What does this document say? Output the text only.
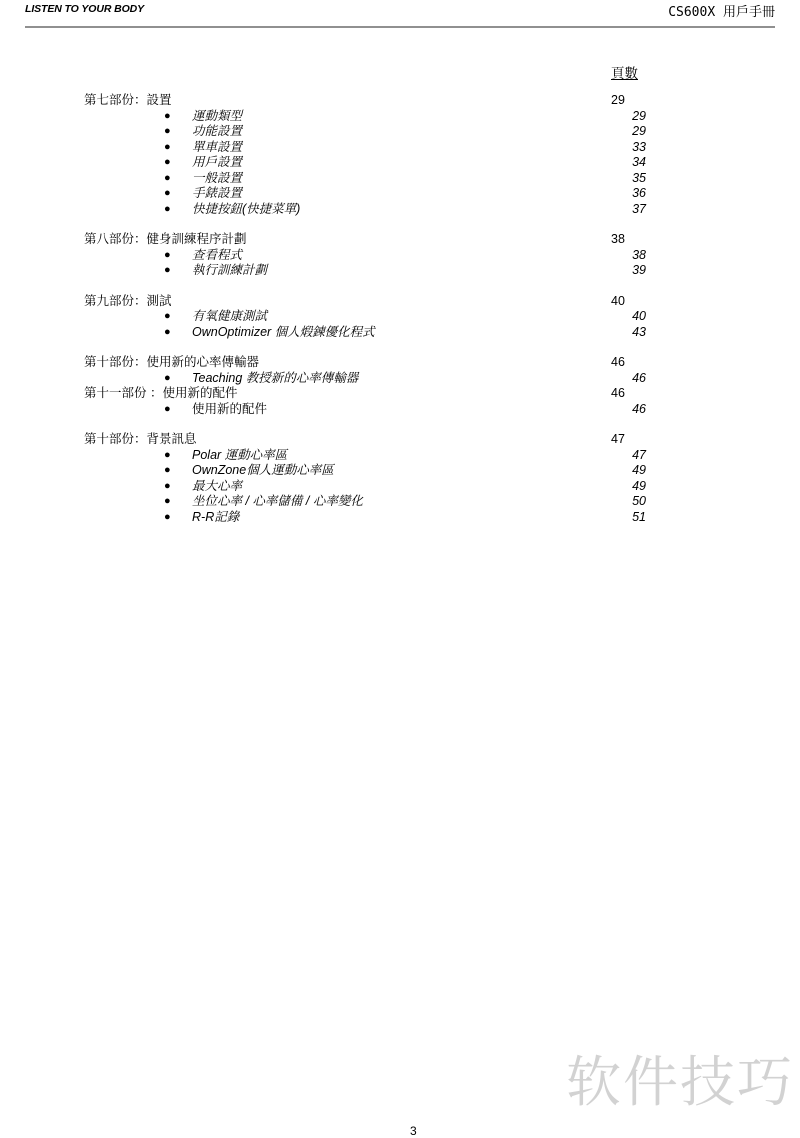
LISTEN TO YOUR BODY	CS600X 用戶手冊
頁數
第七部份：設置	29
● 運動類型	29
● 功能設置	29
● 單車設置	33
● 用戶設置	34
● 一般設置	35
● 手錶設置	36
● 快捷按鈕(快捷菜單)	37
第八部份：健身訓練程序計劃	38
● 查看程式	38
● 執行訓練計劃	39
第九部份：測試	40
● 有氧健康測試	40
● OwnOptimizer 個人煅鍊優化程式	43
第十部份：使用新的心率傳輸器	46
● Teaching 教授新的心率傳輸器	46
第十一部份 ：使用新的配件	46
● 使用新的配件	46
第十部份：背景訊息	47
● Polar 運動心率區	47
● OwnZone個人運動心率區	49
● 最大心率	49
● 坐位心率 / 心率儲備 / 心率變化	50
● R-R記錄	51
软件技巧
3
